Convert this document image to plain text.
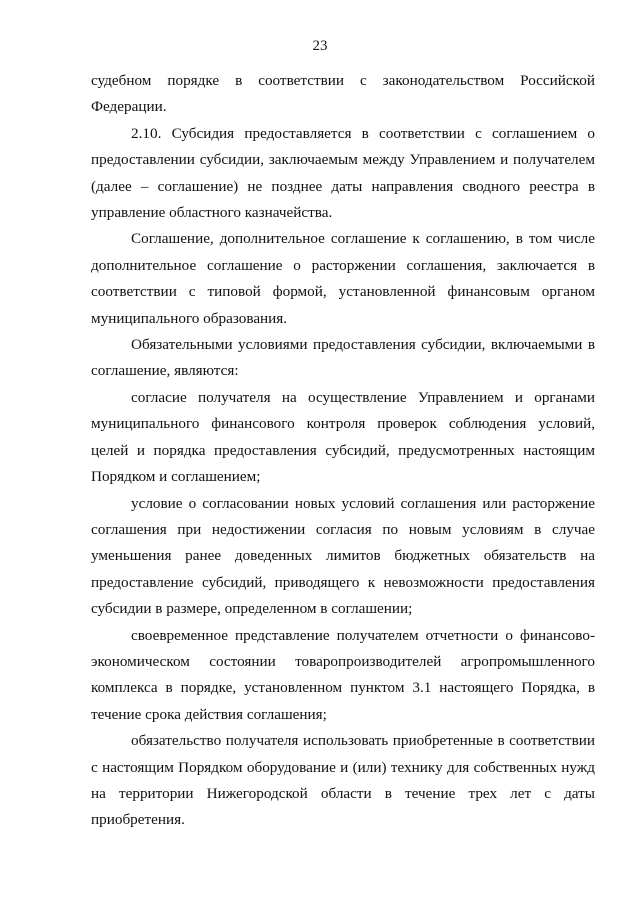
23

судебном порядке в соответствии с законодательством Российской Федерации.

2.10. Субсидия предоставляется в соответствии с соглашением о предоставлении субсидии, заключаемым между Управлением и получателем (далее – соглашение) не позднее даты направления сводного реестра в управление областного казначейства.

Соглашение, дополнительное соглашение к соглашению, в том числе дополнительное соглашение о расторжении соглашения, заключается в соответствии с типовой формой, установленной финансовым органом муниципального образования.

Обязательными условиями предоставления субсидии, включаемыми в соглашение, являются:

согласие получателя на осуществление Управлением и органами муниципального финансового контроля проверок соблюдения условий, целей и порядка предоставления субсидий, предусмотренных настоящим Порядком и соглашением;

условие о согласовании новых условий соглашения или расторжение соглашения при недостижении согласия по новым условиям в случае уменьшения ранее доведенных лимитов бюджетных обязательств на предоставление субсидий, приводящего к невозможности предоставления субсидии в размере, определенном в соглашении;

своевременное представление получателем отчетности о финансово-экономическом состоянии товаропроизводителей агропромышленного комплекса в порядке, установленном пунктом 3.1 настоящего Порядка, в течение срока действия соглашения;

обязательство получателя использовать приобретенные в соответствии с настоящим Порядком оборудование и (или) технику для собственных нужд на территории Нижегородской области в течение трех лет с даты приобретения.
